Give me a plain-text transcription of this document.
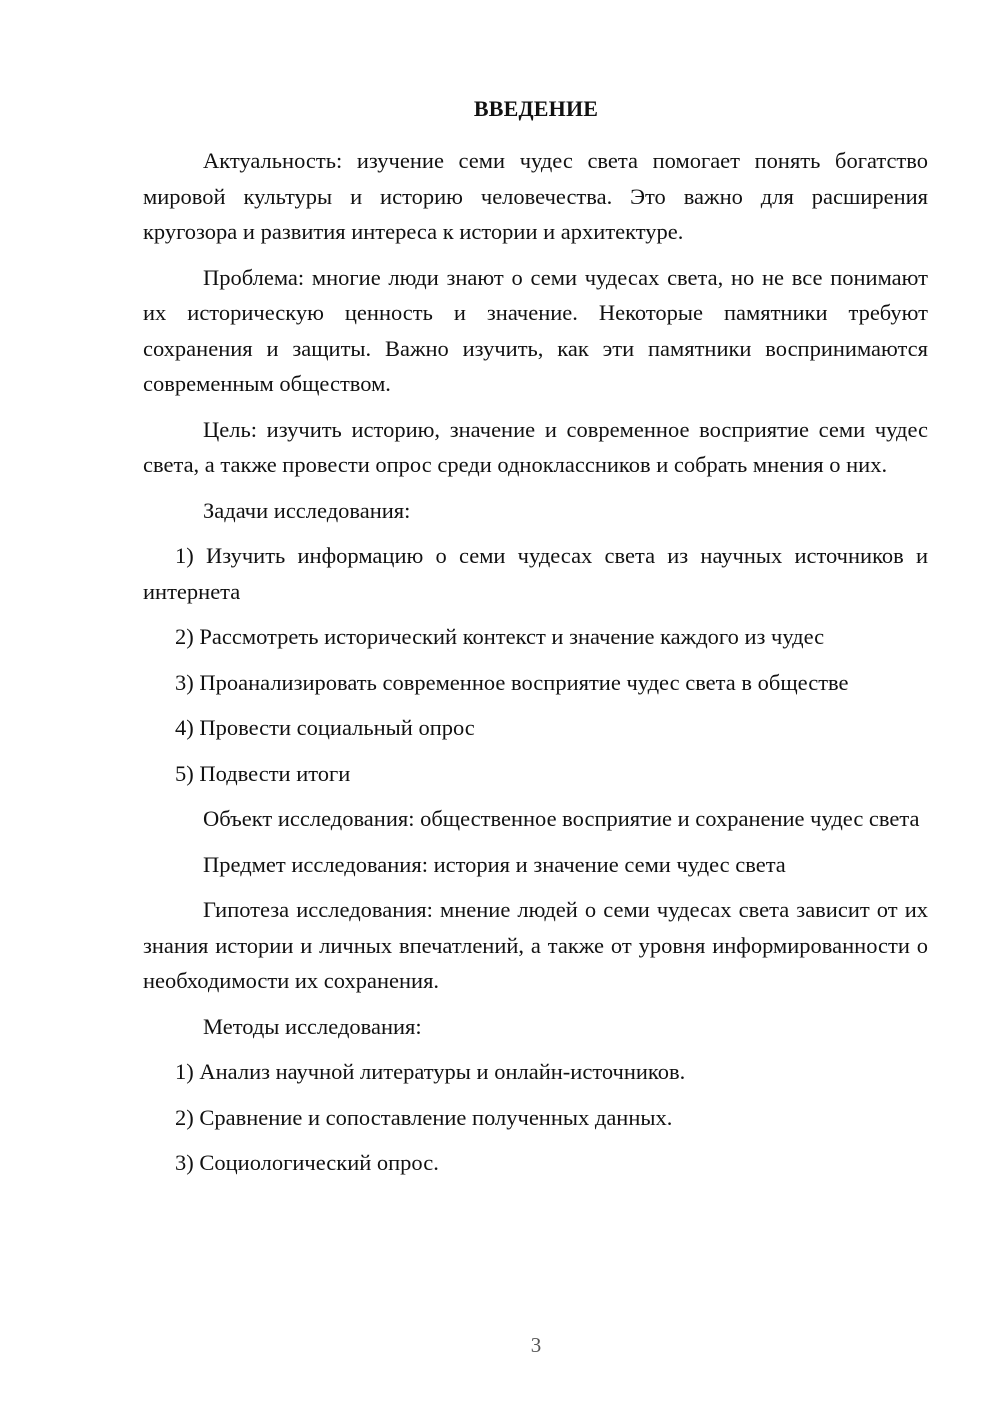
ВВЕДЕНИЕ

Актуальность: изучение семи чудес света помогает понять богатство мировой культуры и историю человечества. Это важно для расширения кругозора и развития интереса к истории и архитектуре.

Проблема: многие люди знают о семи чудесах света, но не все понимают их историческую ценность и значение. Некоторые памятники требуют сохранения и защиты. Важно изучить, как эти памятники воспринимаются современным обществом.

Цель: изучить историю, значение и современное восприятие семи чудес света, а также провести опрос среди одноклассников и собрать мнения о них.

Задачи исследования:

1) Изучить информацию о семи чудесах света из научных источников и интернета

2) Рассмотреть исторический контекст и значение каждого из чудес

3) Проанализировать современное восприятие чудес света в обществе

4) Провести социальный опрос

5) Подвести итоги

Объект исследования: общественное восприятие и сохранение чудес света

Предмет исследования: история и значение семи чудес света

Гипотеза исследования: мнение людей о семи чудесах света зависит от их знания истории и личных впечатлений, а также от уровня информированности о необходимости их сохранения.

Методы исследования:

1) Анализ научной литературы и онлайн-источников.

2) Сравнение и сопоставление полученных данных.

3) Социологический опрос.

3
